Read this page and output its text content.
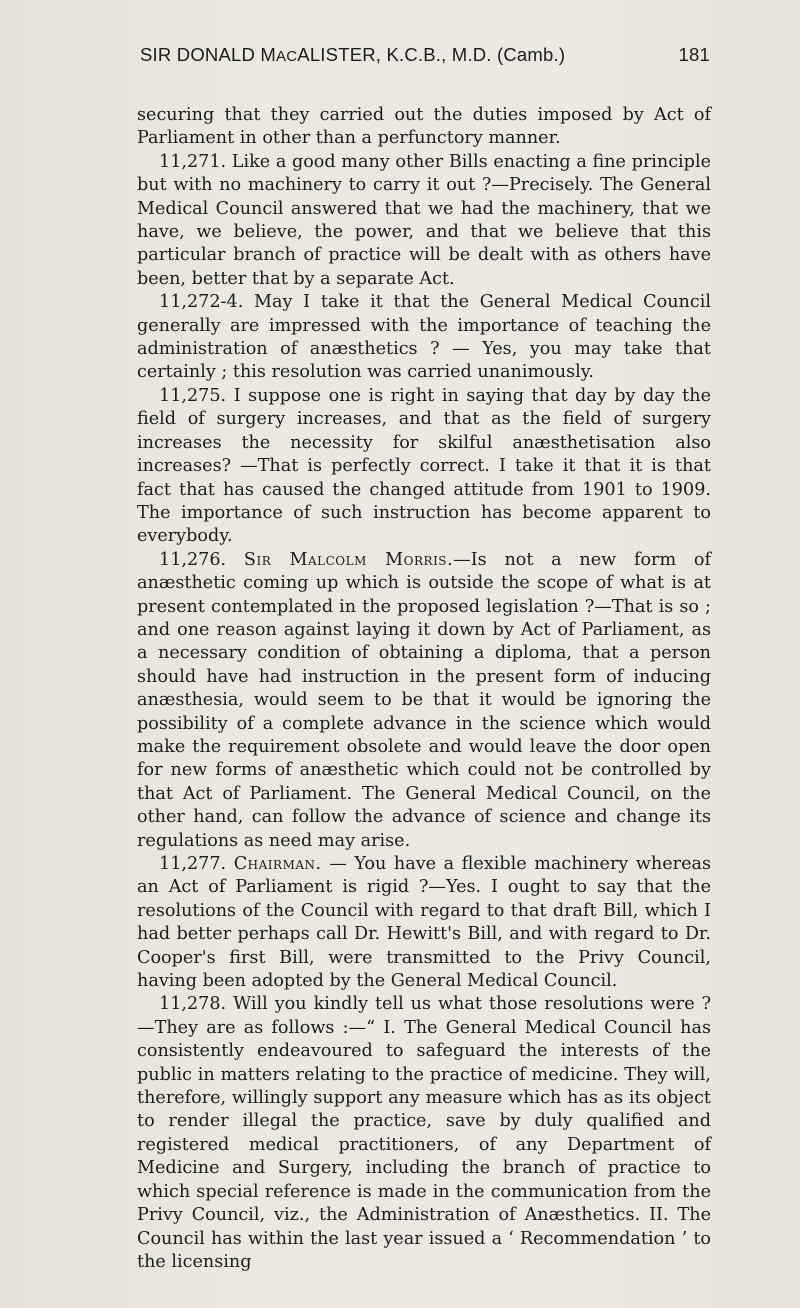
SIR DONALD MACALISTER, K.C.B., M.D. (Camb.)	181

securing that they carried out the duties imposed by Act of Parliament in other than a perfunctory manner.

11,271. Like a good many other Bills enacting a fine principle but with no machinery to carry it out ?—Precisely. The General Medical Council answered that we had the machinery, that we have, we believe, the power, and that we believe that this particular branch of practice will be dealt with as others have been, better that by a separate Act.

11,272-4. May I take it that the General Medical Council generally are impressed with the importance of teaching the administration of anæsthetics ? — Yes, you may take that certainly ; this resolution was carried unanimously.

11,275. I suppose one is right in saying that day by day the field of surgery increases, and that as the field of surgery increases the necessity for skilful anæsthetisation also increases? —That is perfectly correct. I take it that it is that fact that has caused the changed attitude from 1901 to 1909. The importance of such instruction has become apparent to everybody.

11,276. Sir Malcolm Morris.—Is not a new form of anæsthetic coming up which is outside the scope of what is at present contemplated in the proposed legislation ?—That is so ; and one reason against laying it down by Act of Parliament, as a necessary condition of obtaining a diploma, that a person should have had instruction in the present form of inducing anæsthesia, would seem to be that it would be ignoring the possibility of a complete advance in the science which would make the requirement obsolete and would leave the door open for new forms of anæsthetic which could not be controlled by that Act of Parliament. The General Medical Council, on the other hand, can follow the advance of science and change its regulations as need may arise.

11,277. Chairman. — You have a flexible machinery whereas an Act of Parliament is rigid ?—Yes. I ought to say that the resolutions of the Council with regard to that draft Bill, which I had better perhaps call Dr. Hewitt's Bill, and with regard to Dr. Cooper's first Bill, were transmitted to the Privy Council, having been adopted by the General Medical Council.

11,278. Will you kindly tell us what those resolutions were ?—They are as follows :—“ I. The General Medical Council has consistently endeavoured to safeguard the interests of the public in matters relating to the practice of medicine. They will, therefore, willingly support any measure which has as its object to render illegal the practice, save by duly qualified and registered medical practitioners, of any Department of Medicine and Surgery, including the branch of practice to which special reference is made in the communication from the Privy Council, viz., the Administration of Anæsthetics. II. The Council has within the last year issued a ‘ Recommendation ’ to the licensing
